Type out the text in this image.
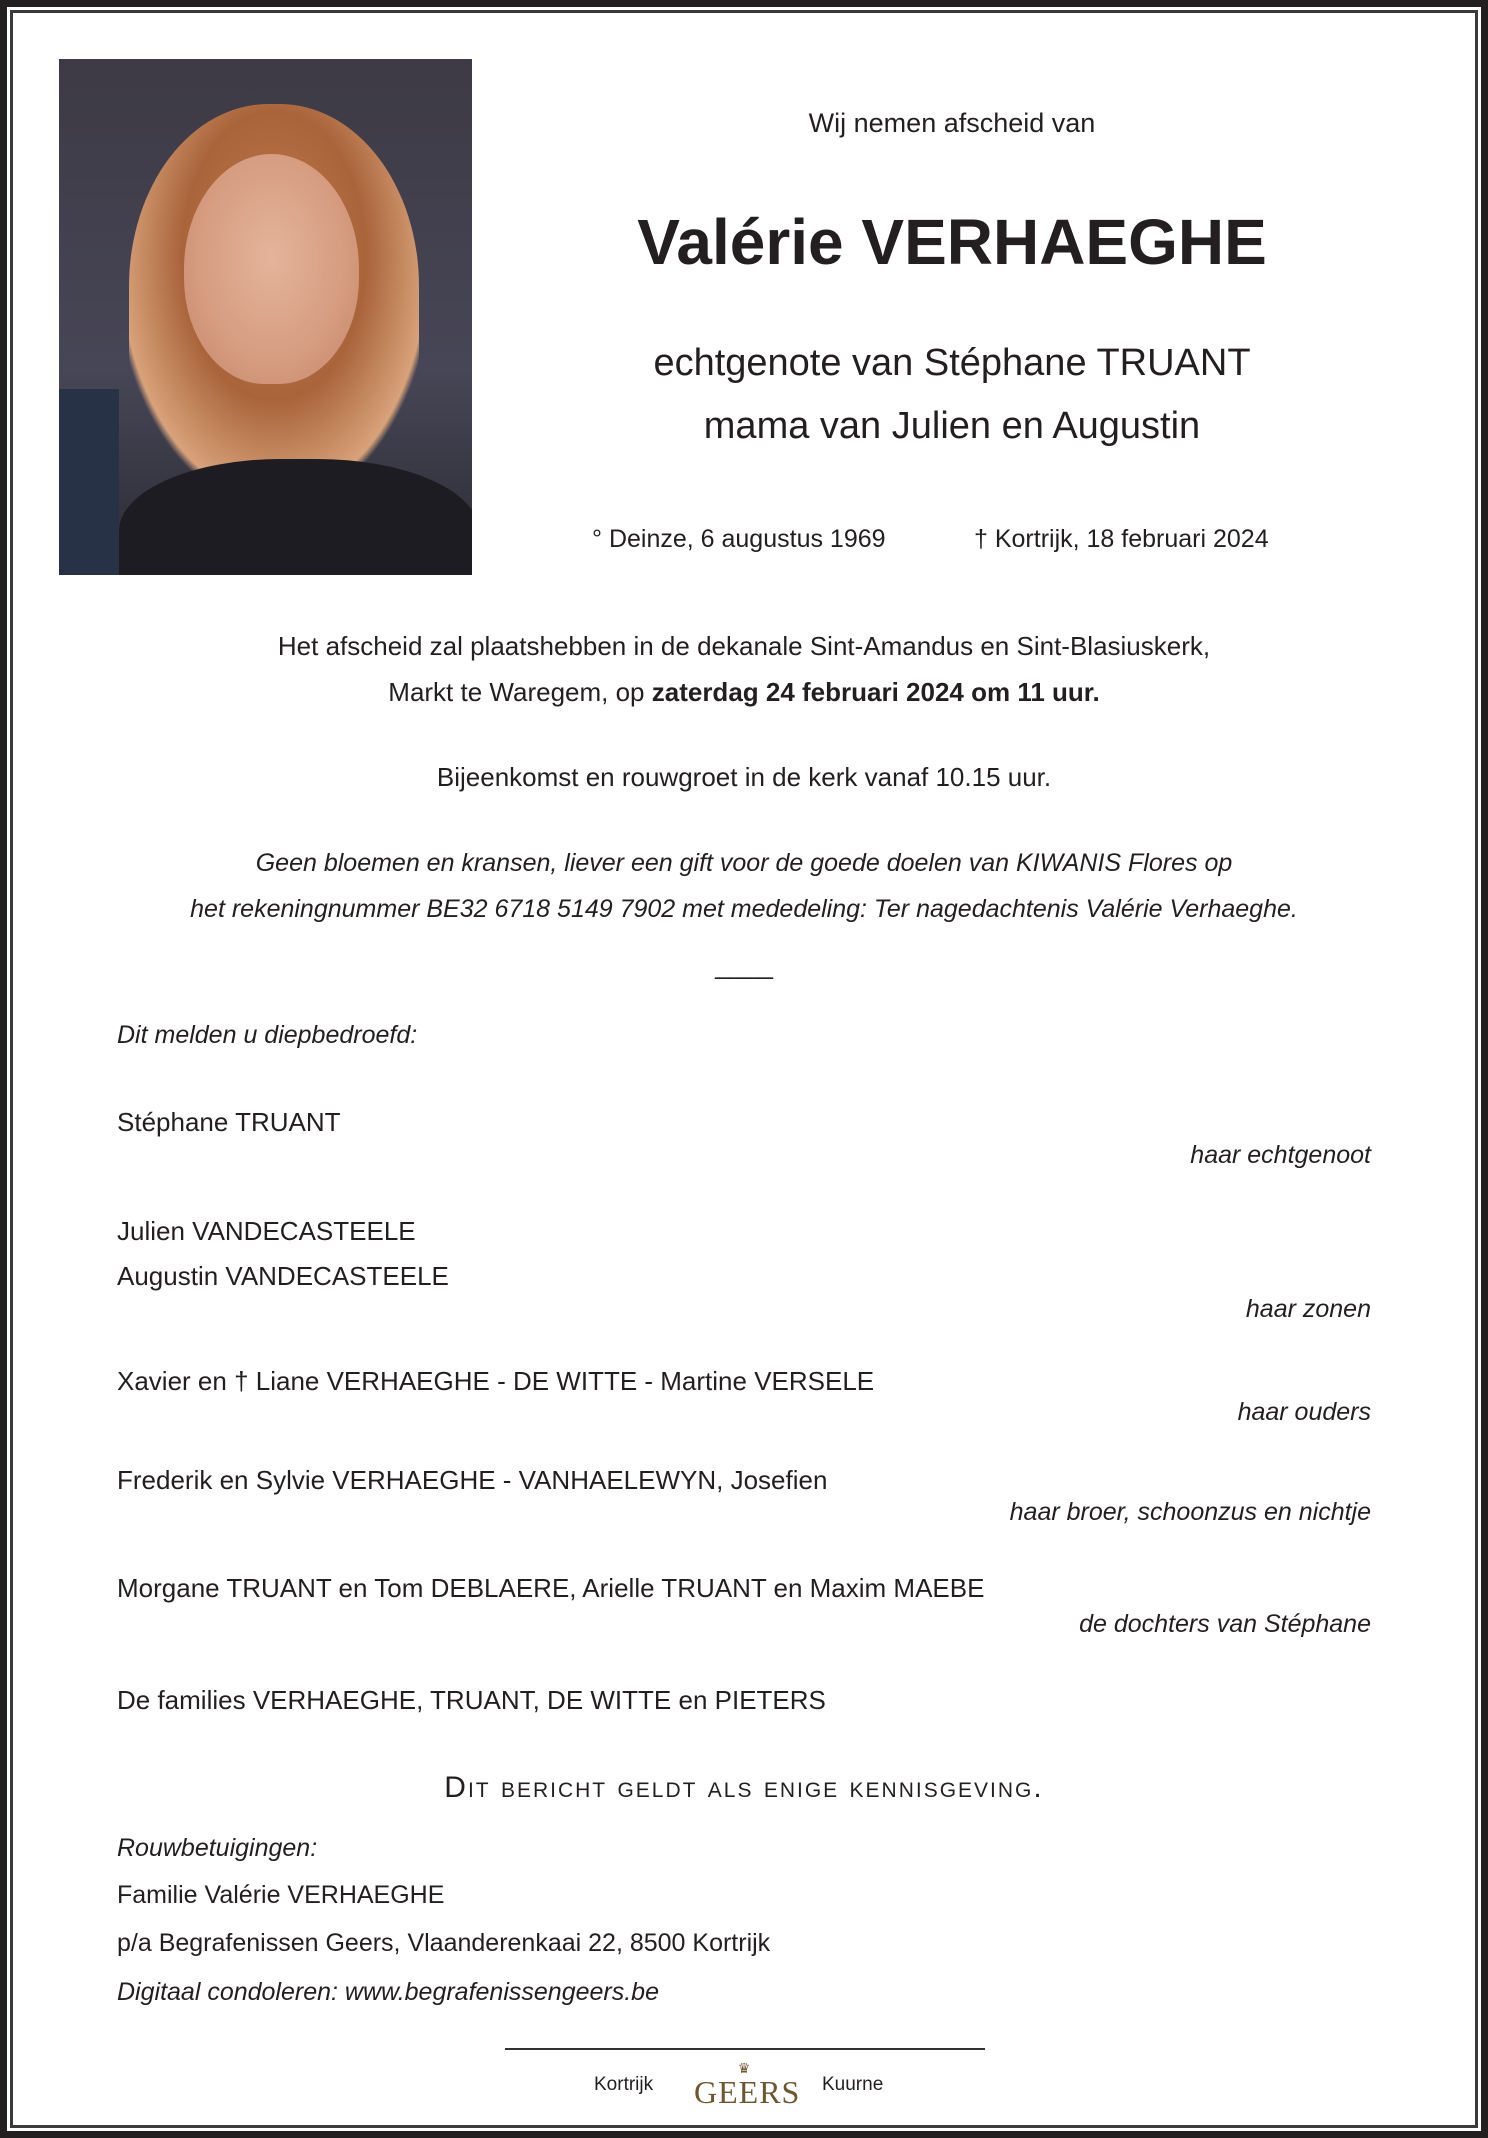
Wij nemen afscheid van
Valérie VERHAEGHE
echtgenote van Stéphane TRUANT
mama van Julien en Augustin
° Deinze, 6 augustus 1969	† Kortrijk, 18 februari 2024
Het afscheid zal plaatshebben in de dekanale Sint-Amandus en Sint-Blasiuskerk,
Markt te Waregem, op zaterdag 24 februari 2024 om 11 uur.
Bijeenkomst en rouwgroet in de kerk vanaf 10.15 uur.
Geen bloemen en kransen, liever een gift voor de goede doelen van KIWANIS Flores op
het rekeningnummer BE32 6718 5149 7902 met mededeling: Ter nagedachtenis Valérie Verhaeghe.
____
Dit melden u diepbedroefd:
Stéphane TRUANT
haar echtgenoot
Julien VANDECASTEELE
Augustin VANDECASTEELE
haar zonen
Xavier en † Liane VERHAEGHE - DE WITTE - Martine VERSELE
haar ouders
Frederik en Sylvie VERHAEGHE - VANHAELEWYN, Josefien
haar broer, schoonzus en nichtje
Morgane TRUANT en Tom DEBLAERE, Arielle TRUANT en Maxim MAEBE
de dochters van Stéphane
De families VERHAEGHE, TRUANT, DE WITTE en PIETERS
Dit bericht geldt als enige kennisgeving.
Rouwbetuigingen:
Familie Valérie VERHAEGHE
p/a Begrafenissen Geers, Vlaanderenkaai 22, 8500 Kortrijk
Digitaal condoleren: www.begrafenissengeers.be
Kortrijk
♛
GEERS Kuurne
